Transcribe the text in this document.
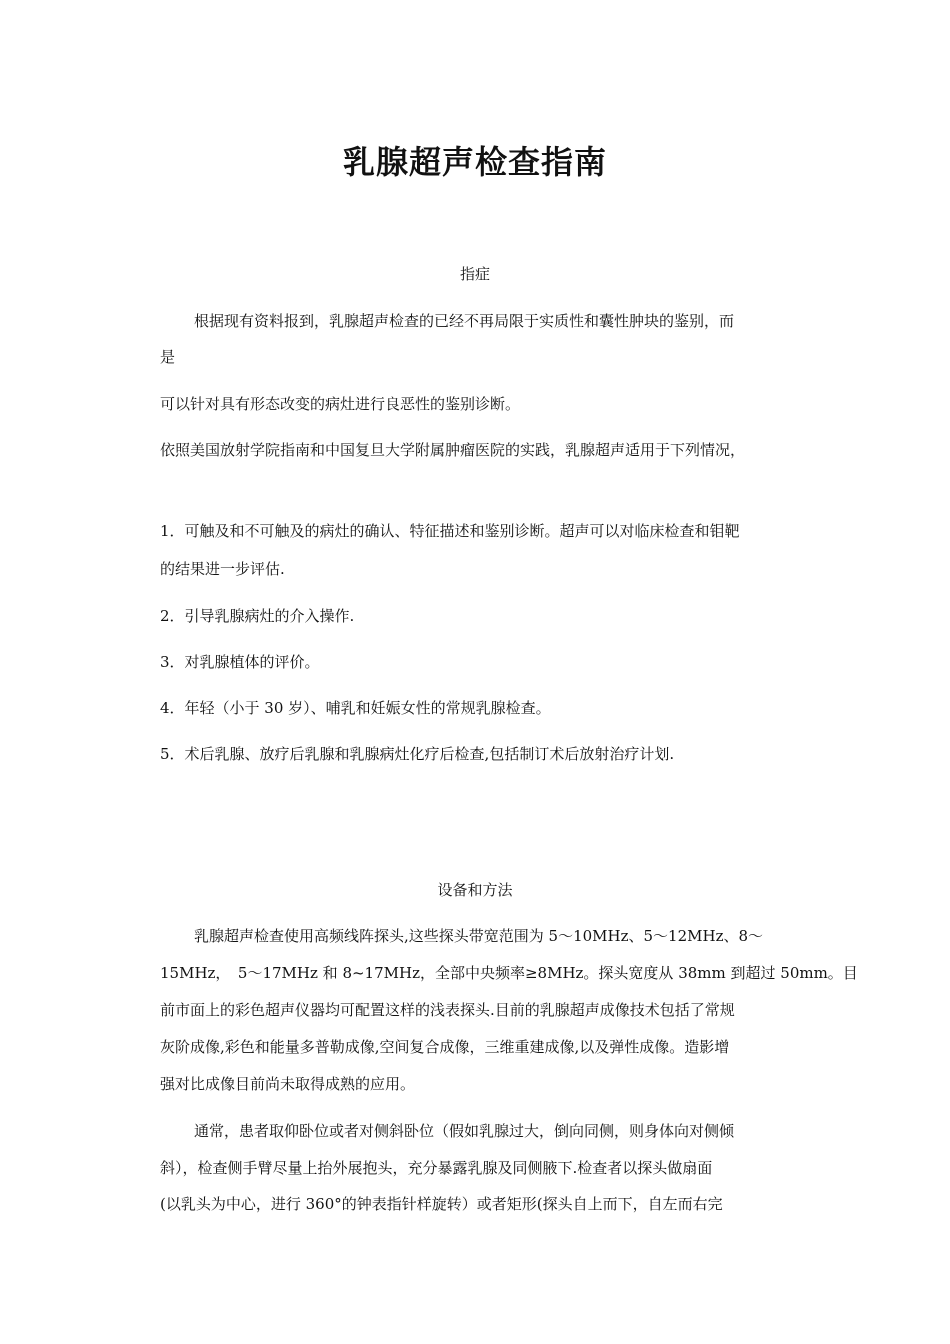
乳腺超声检查指南
指症
根据现有资料报到，乳腺超声检查的已经不再局限于实质性和囊性肿块的鉴别，而
是
可以针对具有形态改变的病灶进行良恶性的鉴别诊断。
依照美国放射学院指南和中国复旦大学附属肿瘤医院的实践，乳腺超声适用于下列情况，
1．可触及和不可触及的病灶的确认、特征描述和鉴别诊断。超声可以对临床检查和钼靶
的结果进一步评估.
2．引导乳腺病灶的介入操作.
3．对乳腺植体的评价。
4．年轻（小于 30 岁）、哺乳和妊娠女性的常规乳腺检查。
5．术后乳腺、放疗后乳腺和乳腺病灶化疗后检查,包括制订术后放射治疗计划.
设备和方法
乳腺超声检查使用高频线阵探头,这些探头带宽范围为 5～10MHz、5～12MHz、8～
15MHz，　5～17MHz 和 8~17MHz，全部中央频率≥8MHz。探头宽度从 38mm 到超过 50mm。目
前市面上的彩色超声仪器均可配置这样的浅表探头.目前的乳腺超声成像技术包括了常规
灰阶成像,彩色和能量多普勒成像,空间复合成像，三维重建成像,以及弹性成像。造影增
强对比成像目前尚未取得成熟的应用。
通常，患者取仰卧位或者对侧斜卧位（假如乳腺过大，倒向同侧，则身体向对侧倾
斜），检查侧手臂尽量上抬外展抱头，充分暴露乳腺及同侧腋下.检查者以探头做扇面
(以乳头为中心，进行 360°的钟表指针样旋转）或者矩形(探头自上而下，自左而右完
